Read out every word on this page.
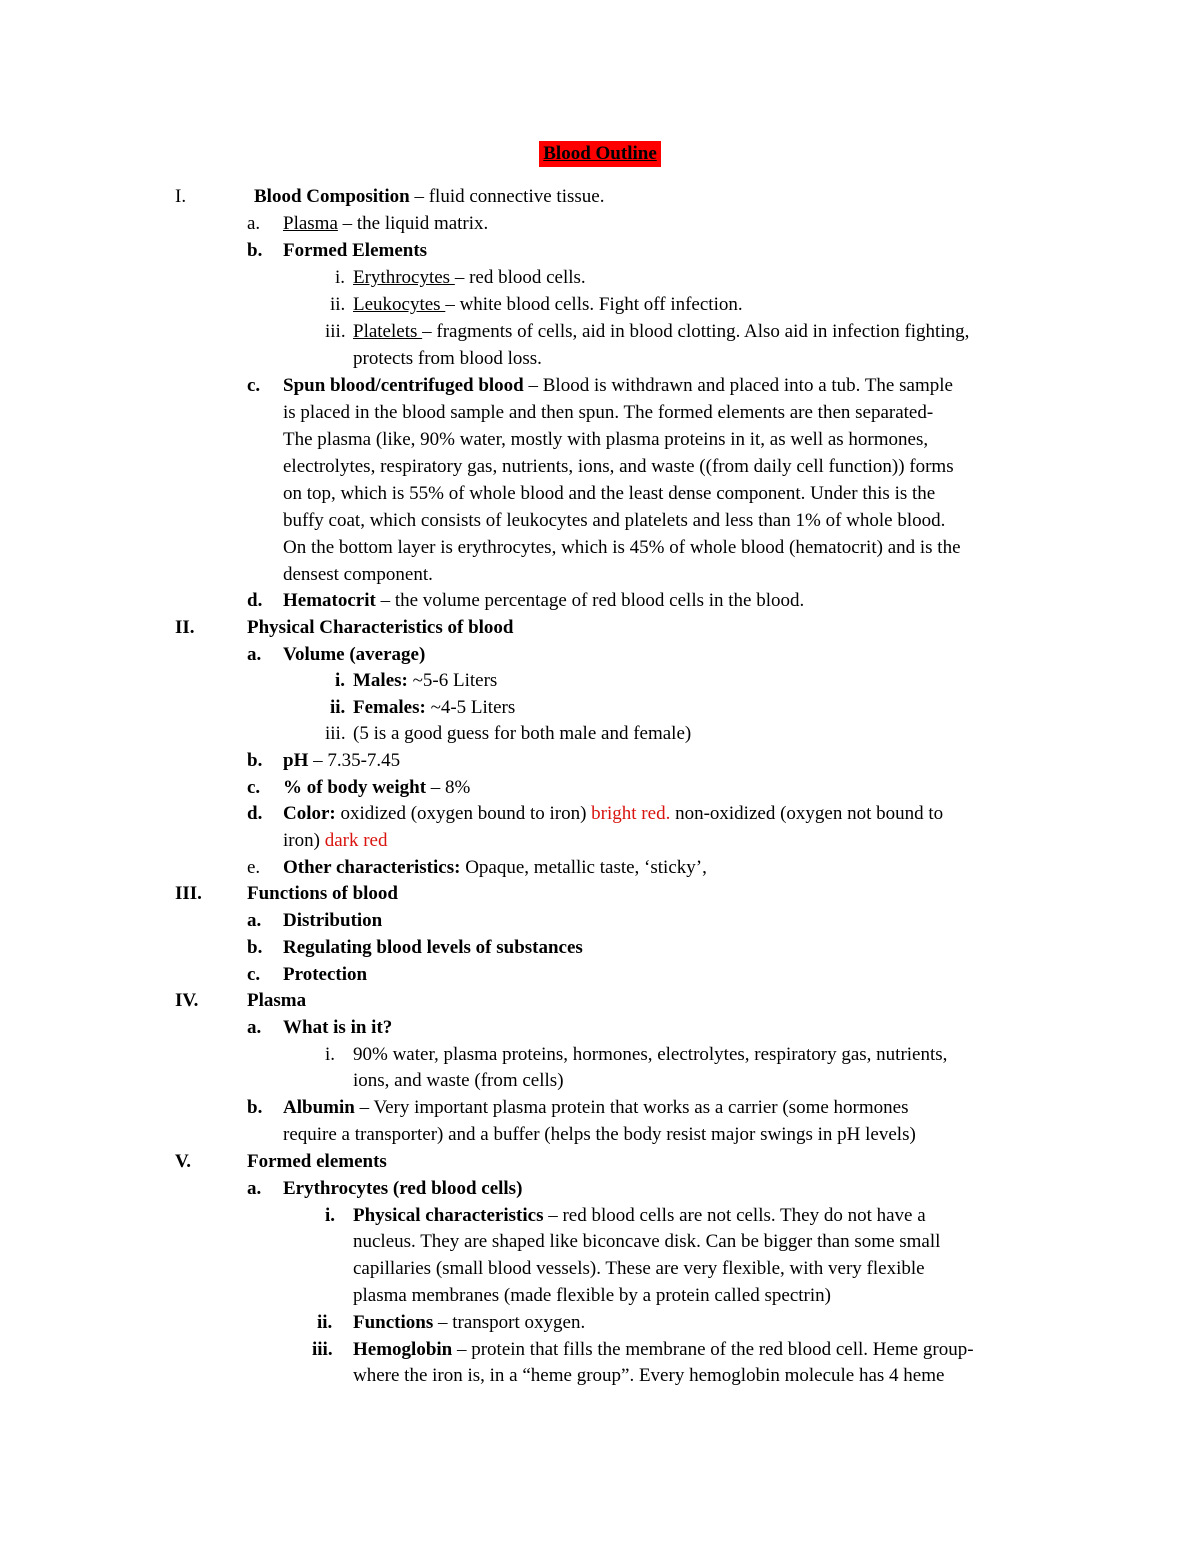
Blood Outline
I.	Blood Composition – fluid connective tissue.
a. Plasma – the liquid matrix.
b. Formed Elements
i. Erythrocytes – red blood cells.
ii. Leukocytes – white blood cells. Fight off infection.
iii. Platelets – fragments of cells, aid in blood clotting. Also aid in infection fighting,
protects from blood loss.
c. Spun blood/centrifuged blood – Blood is withdrawn and placed into a tub. The sample
is placed in the blood sample and then spun. The formed elements are then separated-
The plasma (like, 90% water, mostly with plasma proteins in it, as well as hormones,
electrolytes, respiratory gas, nutrients, ions, and waste ((from daily cell function)) forms
on top, which is 55% of whole blood and the least dense component. Under this is the
buffy coat, which consists of leukocytes and platelets and less than 1% of whole blood.
On the bottom layer is erythrocytes, which is 45% of whole blood (hematocrit) and is the
densest component.
d. Hematocrit – the volume percentage of red blood cells in the blood.
II.	Physical Characteristics of blood
a. Volume (average)
i. Males: ~5-6 Liters
ii. Females: ~4-5 Liters
iii. (5 is a good guess for both male and female)
b. pH – 7.35-7.45
c. % of body weight – 8%
d. Color: oxidized (oxygen bound to iron) bright red. non-oxidized (oxygen not bound to
iron) dark red
e. Other characteristics: Opaque, metallic taste, ‘sticky’,
III. Functions of blood
a. Distribution
b. Regulating blood levels of substances
c. Protection
IV.	Plasma
a. What is in it?
i. 90% water, plasma proteins, hormones, electrolytes, respiratory gas, nutrients,
ions, and waste (from cells)
b. Albumin – Very important plasma protein that works as a carrier (some hormones
require a transporter) and a buffer (helps the body resist major swings in pH levels)
V.	Formed elements
a. Erythrocytes (red blood cells)
i. Physical characteristics – red blood cells are not cells. They do not have a
nucleus. They are shaped like biconcave disk. Can be bigger than some small
capillaries (small blood vessels). These are very flexible, with very flexible
plasma membranes (made flexible by a protein called spectrin)
ii. Functions – transport oxygen.
iii. Hemoglobin – protein that fills the membrane of the red blood cell. Heme group-
where the iron is, in a “heme group”. Every hemoglobin molecule has 4 heme
